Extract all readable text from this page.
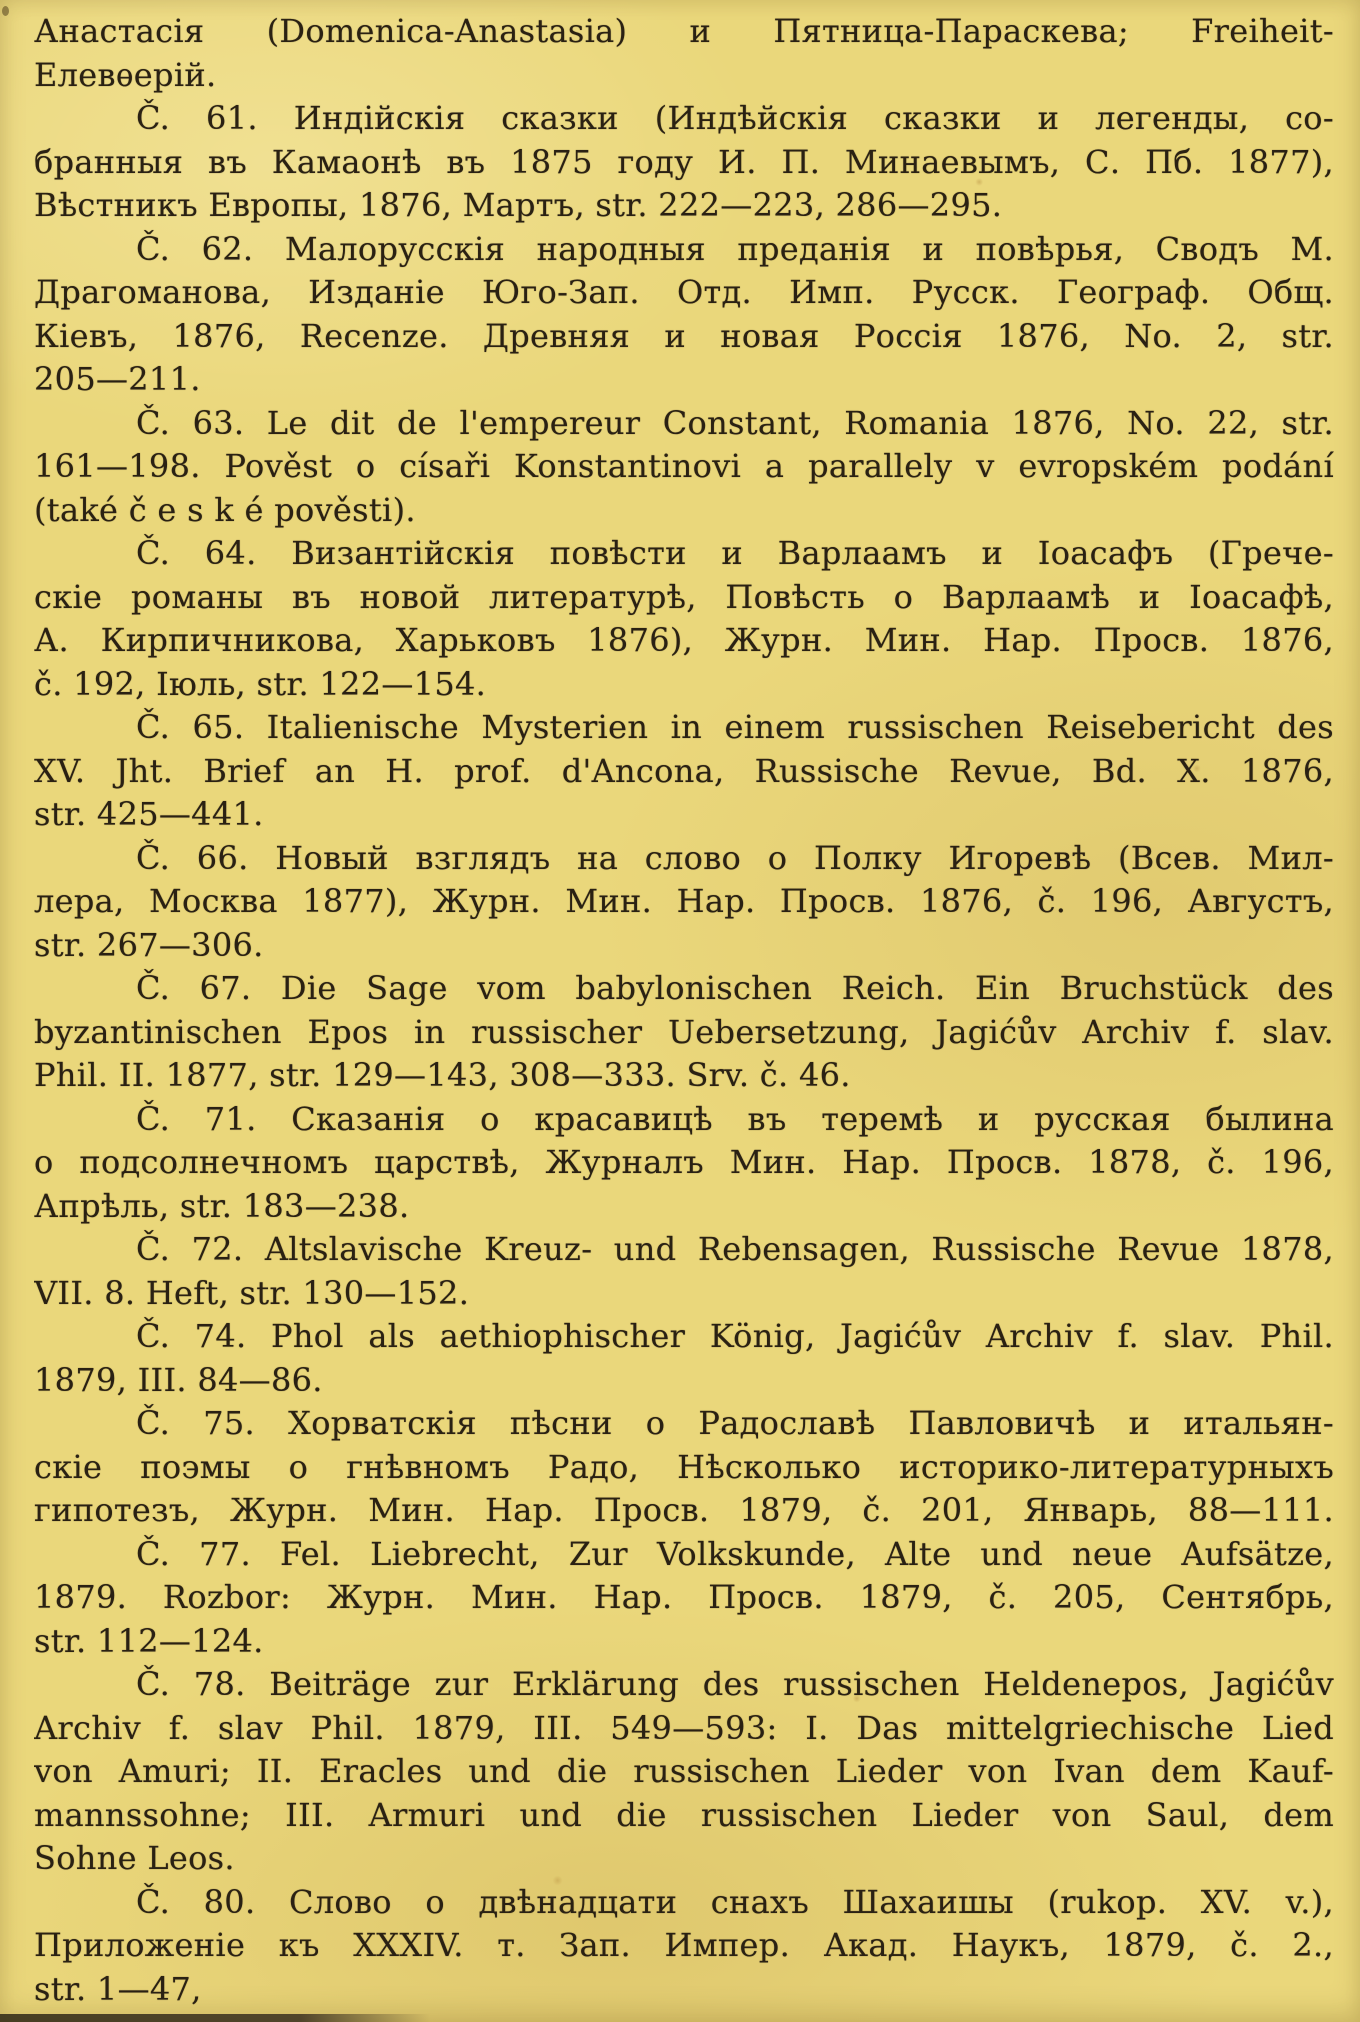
Анастасія (Domenica-Anastasia) и Пятница-Параскева; Freiheit-
Елевѳерій.
Č. 61. Индійскія сказки (Индѣйскія сказки и легенды, со-
бранныя въ Камаонѣ въ 1875 году И. П. Минаевымъ, С. Пб. 1877),
Вѣстникъ Европы, 1876, Мартъ, str. 222—223, 286—295.
Č. 62. Малорусскія народныя преданія и повѣрья, Сводъ М.
Драгоманова, Изданіе Юго-Зап. Отд. Имп. Русск. Географ. Общ.
Кіевъ, 1876, Recenze. Древняя и новая Россія 1876, No. 2, str.
205—211.
Č. 63. Le dit de l'empereur Constant, Romania 1876, No. 22, str.
161—198. Pověst o císaři Konstantinovi a parallely v evropském podání
(také č e s k é pověsti).
Č. 64. Византійскія повѣсти и Варлаамъ и Іоасафъ (Грече-
скіе романы въ новой литературѣ, Повѣсть о Варлаамѣ и Іоасафѣ,
А. Кирпичникова, Харьковъ 1876), Журн. Мин. Нар. Просв. 1876,
č. 192, Іюль, str. 122—154.
Č. 65. Italienische Mysterien in einem russischen Reisebericht des
XV. Jht. Brief an H. prof. d'Ancona, Russische Revue, Bd. X. 1876,
str. 425—441.
Č. 66. Новый взглядъ на слово о Полку Игоревѣ (Всев. Мил-
лера, Москва 1877), Журн. Мин. Нар. Просв. 1876, č. 196, Августъ,
str. 267—306.
Č. 67. Die Sage vom babylonischen Reich. Ein Bruchstück des
byzantinischen Epos in russischer Uebersetzung, Jagićův Archiv f. slav.
Phil. II. 1877, str. 129—143, 308—333. Srv. č. 46.
Č. 71. Сказанія о красавицѣ въ теремѣ и русская былина
о подсолнечномъ царствѣ, Журналъ Мин. Нар. Просв. 1878, č. 196,
Апрѣль, str. 183—238.
Č. 72. Altslavische Kreuz- und Rebensagen, Russische Revue 1878,
VII. 8. Heft, str. 130—152.
Č. 74. Phol als aethiophischer König, Jagićův Archiv f. slav. Phil.
1879, III. 84—86.
Č. 75. Хорватскія пѣсни о Радославѣ Павловичѣ и итальян-
скіе поэмы о гнѣвномъ Радо, Нѣсколько историко-литературныхъ
гипотезъ, Журн. Мин. Нар. Просв. 1879, č. 201, Январь, 88—111.
Č. 77. Fel. Liebrecht, Zur Volkskunde, Alte und neue Aufsätze,
1879. Rozbor: Журн. Мин. Нар. Просв. 1879, č. 205, Сентябрь,
str. 112—124.
Č. 78. Beiträge zur Erklärung des russischen Heldenepos, Jagićův
Archiv f. slav Phil. 1879, III. 549—593: I. Das mittelgriechische Lied
von Amuri; II. Eracles und die russischen Lieder von Ivan dem Kauf-
mannssohne; III. Armuri und die russischen Lieder von Saul, dem
Sohne Leos.
Č. 80. Слово о двѣнадцати снахъ Шахаишы (rukop. XV. v.),
Приложеніе къ XXXIV. т. Зап. Импер. Акад. Наукъ, 1879, č. 2.,
str. 1—47,
